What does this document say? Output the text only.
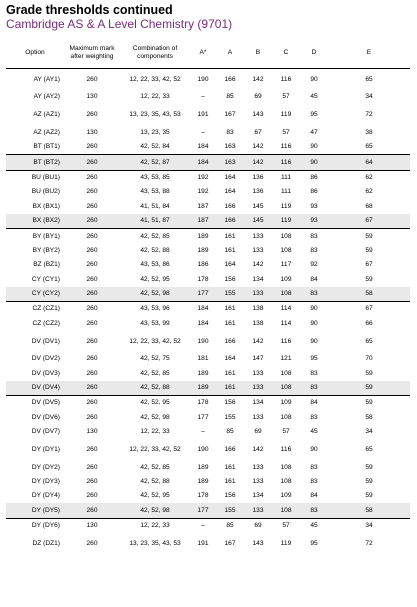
Grade thresholds continued
Cambridge AS & A Level Chemistry (9701)
Option	Maximum mark after weighting	Combination of components	A*	A	B	C	D	E
AY (AY1)	260	12, 22, 33, 42, 52	190	166	142	116	90	65
AY (AY2)	130	12, 22, 33	–	85	69	57	45	34
AZ (AZ1)	260	13, 23, 35, 43, 53	191	167	143	119	95	72
AZ (AZ2)	130	13, 23, 35	–	83	67	57	47	38
BT (BT1)	260	42, 52, 84	184	163	142	116	90	65
BT (BT2)	260	42, 52, 87	184	163	142	116	90	64
BU (BU1)	260	43, 53, 85	192	164	136	111	86	62
BU (BU2)	260	43, 53, 88	192	164	136	111	86	62
BX (BX1)	260	41, 51, 84	187	166	145	119	93	68
BX (BX2)	260	41, 51, 87	187	166	145	119	93	67
BY (BY1)	260	42, 52, 85	189	161	133	108	83	59
BY (BY2)	260	42, 52, 88	189	161	133	108	83	59
BZ (BZ1)	260	43, 53, 86	186	164	142	117	92	67
CY (CY1)	260	42, 52, 95	178	156	134	109	84	59
CY (CY2)	260	42, 52, 98	177	155	133	108	83	58
CZ (CZ1)	260	43, 53, 96	184	161	138	114	90	67
CZ (CZ2)	260	43, 53, 99	184	161	138	114	90	66
DV (DV1)	260	12, 22, 33, 42, 52	190	166	142	116	90	65
DV (DV2)	260	42, 52, 75	181	164	147	121	95	70
DV (DV3)	260	42, 52, 85	189	161	133	108	83	59
DV (DV4)	260	42, 52, 88	189	161	133	108	83	59
DV (DV5)	260	42, 52, 95	178	156	134	109	84	59
DV (DV6)	260	42, 52, 98	177	155	133	108	83	58
DV (DV7)	130	12, 22, 33	–	85	69	57	45	34
DY (DY1)	260	12, 22, 33, 42, 52	190	166	142	116	90	65
DY (DY2)	260	42, 52, 85	189	161	133	108	83	59
DY (DY3)	260	42, 52, 88	189	161	133	108	83	59
DY (DY4)	260	42, 52, 95	178	156	134	109	84	59
DY (DY5)	260	42, 52, 98	177	155	133	108	83	58
DY (DY6)	130	12, 22, 33	–	85	69	57	45	34
DZ (DZ1)	260	13, 23, 35, 43, 53	191	167	143	119	95	72
